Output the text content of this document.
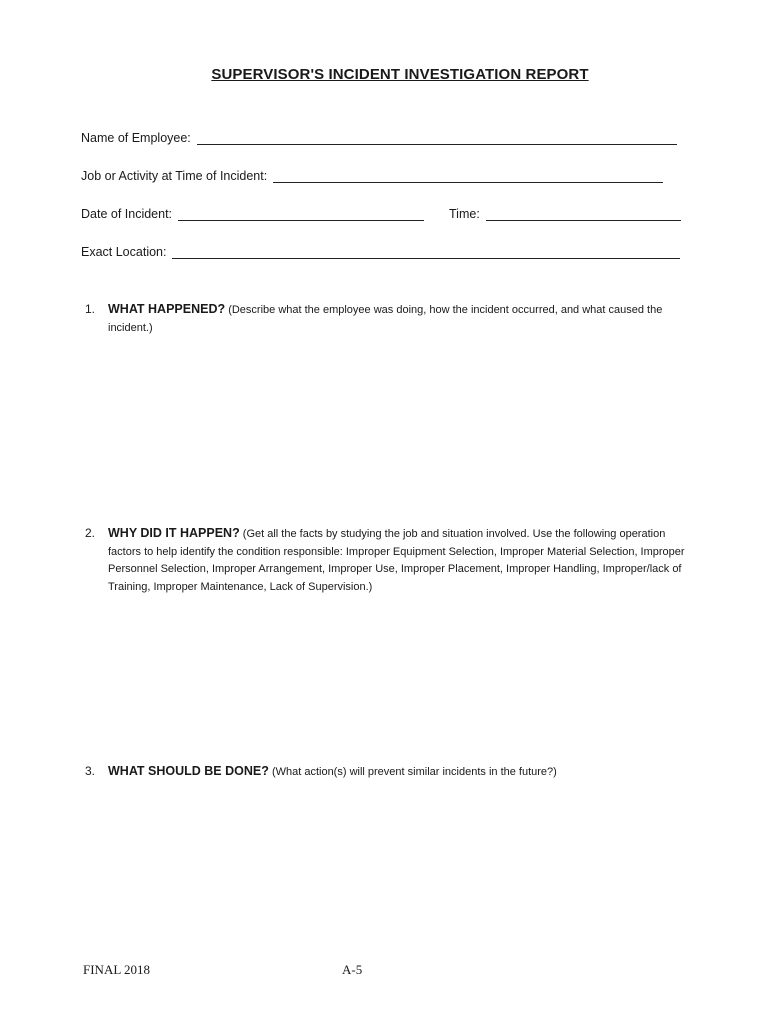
SUPERVISOR'S INCIDENT INVESTIGATION REPORT
Name of Employee:
Job or Activity at Time of Incident:
Date of Incident:	Time:
Exact Location:
1. WHAT HAPPENED? (Describe what the employee was doing, how the incident occurred, and what caused the incident.)
2. WHY DID IT HAPPEN? (Get all the facts by studying the job and situation involved. Use the following operation factors to help identify the condition responsible: Improper Equipment Selection, Improper Material Selection, Improper Personnel Selection, Improper Arrangement, Improper Use, Improper Placement, Improper Handling, Improper/lack of Training, Improper Maintenance, Lack of Supervision.)
3. WHAT SHOULD BE DONE? (What action(s) will prevent similar incidents in the future?)
FINAL 2018	A-5
